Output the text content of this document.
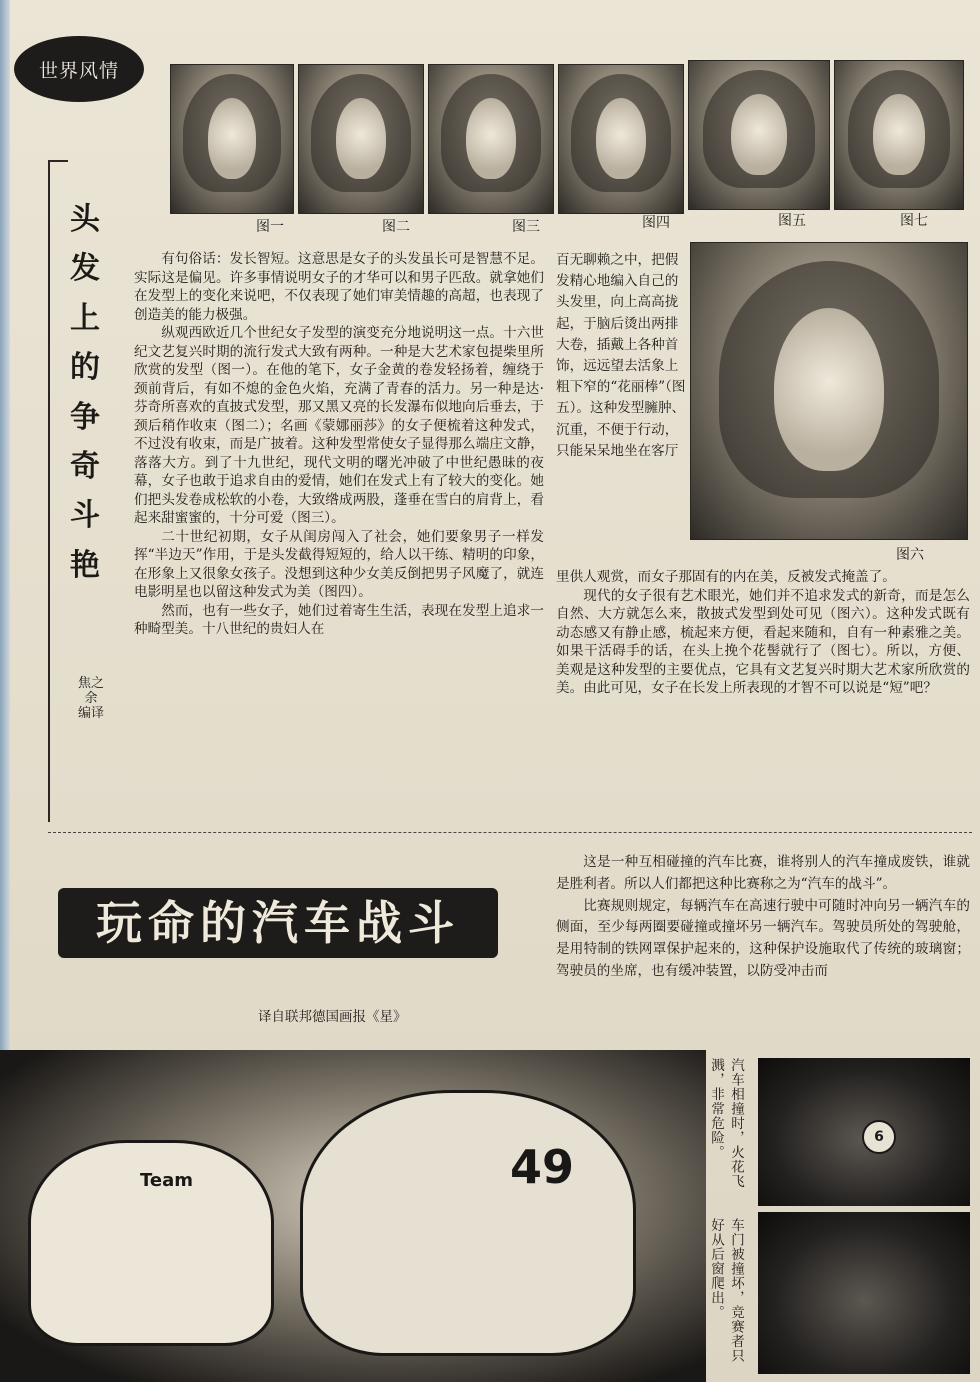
世界风情
图一	图二	图三	图四	图五	图七
头
发
上
的
争
奇
斗
艳
焦之余 编译

有句俗话：发长智短。这意思是女子的头发虽长可是智慧不足。实际这是偏见。许多事情说明女子的才华可以和男子匹敌。就拿她们在发型上的变化来说吧，不仅表现了她们审美情趣的高超，也表现了创造美的能力极强。

纵观西欧近几个世纪女子发型的演变充分地说明这一点。十六世纪文艺复兴时期的流行发式大致有两种。一种是大艺术家包提柴里所欣赏的发型（图一）。在他的笔下，女子金黄的卷发轻扬着，缠绕于颈前背后，有如不熄的金色火焰，充满了青春的活力。另一种是达·芬奇所喜欢的直披式发型，那又黑又亮的长发瀑布似地向后垂去，于颈后稍作收束（图二）；名画《蒙娜丽莎》的女子便梳着这种发式，不过没有收束，而是广披着。这种发型常使女子显得那么端庄文静，落落大方。到了十九世纪，现代文明的曙光冲破了中世纪愚昧的夜幕，女子也敢于追求自由的爱情，她们在发式上有了较大的变化。她们把头发卷成松软的小卷，大致绺成两股，蓬垂在雪白的肩背上，看起来甜蜜蜜的，十分可爱（图三）。

二十世纪初期，女子从闺房闯入了社会，她们要象男子一样发挥“半边天”作用，于是头发截得短短的，给人以干练、精明的印象，在形象上又很象女孩子。没想到这种少女美反倒把男子风魔了，就连电影明星也以留这种发式为美（图四）。

然而，也有一些女子，她们过着寄生生活，表现在发型上追求一种畸型美。十八世纪的贵妇人在

百无聊赖之中，把假发精心地编入自己的头发里，向上高高拢起，于脑后烫出两排大卷，插戴上各种首饰，远远望去活象上粗下窄的“花丽棒”（图五）。这种发型臃肿、沉重，不便于行动，只能呆呆地坐在客厅
图六

里供人观赏，而女子那固有的内在美，反被发式掩盖了。

现代的女子很有艺术眼光，她们并不追求发式的新奇，而是怎么自然、大方就怎么来，散披式发型到处可见（图六）。这种发式既有动态感又有静止感，梳起来方便，看起来随和，自有一种素雅之美。如果干活碍手的话，在头上挽个花髻就行了（图七）。所以，方便、美观是这种发型的主要优点，它具有文艺复兴时期大艺术家所欣赏的美。由此可见，女子在长发上所表现的才智不可以说是“短”吧？

玩命的汽车战斗
译自联邦德国画报《星》

这是一种互相碰撞的汽车比赛，谁将别人的汽车撞成废铁，谁就是胜利者。所以人们都把这种比赛称之为“汽车的战斗”。

比赛规则规定，每辆汽车在高速行驶中可随时冲向另一辆汽车的侧面，至少每两圈要碰撞或撞坏另一辆汽车。驾驶员所处的驾驶舱，是用特制的铁网罩保护起来的，这种保护设施取代了传统的玻璃窗；驾驶员的坐席，也有缓冲装置，以防受冲击而

49
Team	汽车相撞时，火花飞溅，非常危险。
车门被撞坏，竞赛者只好从后窗爬出。
6
